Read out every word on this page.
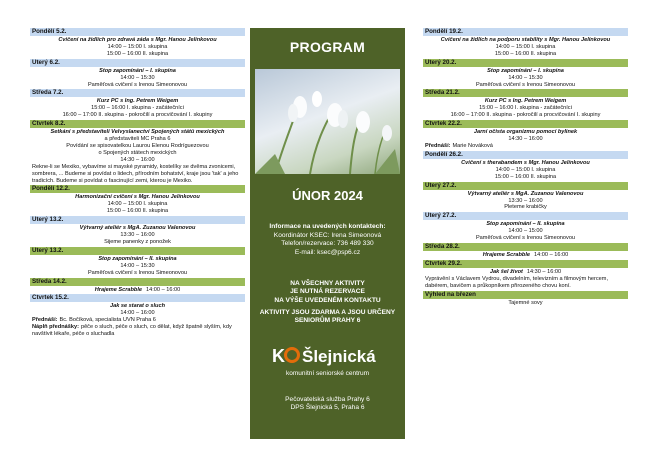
Pondělí 5.2.
Cvičení na židlích pro zdravá záda s Mgr. Hanou Jelínkovou
14:00 – 15:00 I. skupina
15:00 – 16:00 II. skupina
Úterý 6.2.
Stop zapomínání – I. skupina
14:00 – 15:30
Paměťová cvičení s Irenou Simeonovou
Středa 7.2.
Kurz PC s Ing. Petrem Weigem
15:00 – 16:00 I. skupina - začátečníci
16:00 – 17:00 II. skupina - pokročilí a procvičování I. skupiny
Čtvrtek 8.2.
Setkání s představiteli Velvyslanectví Spojených států mexických
a představiteli MČ Praha 6
Povídání se spisovatelkou Laurou Elenou Rodríguezovou
o Spojených státech mexických
14:30 – 16:00
Řekne-li se Mexiko, vybavíme si mayské pyramidy, kostelíky se dvěma zvonicemi, sombrera, ... Budeme si povídat o lidech, přírodním bohatství, kraje jsou 'tak' a jeho tradicích. Budeme si povídat o fascinující zemi, kterou je Mexiko.
Pondělí 12.2.
Harmonizační cvičení s Mgr. Hanou Jelínkovou
14:00 – 15:00 I. skupina
15:00 – 16:00 II. skupina
Úterý 13.2.
Výtvarný ateliér s MgA. Zuzanou Valenovou
13:30 – 16:00
Šijeme panenky z ponožek
Úterý 13.2.
Stop zapomínání – II. skupina
14:00 – 15:30
Paměťová cvičení s Irenou Simeonovou
Středa 14.2.
Hrajeme Scrabble 14:00 – 16:00
Čtvrtek 15.2.
Jak se starat o sluch
14:00 – 16:00
Přednáší: Bc. Bočíková, specialista ÚVN Praha 6
Náplň přednášky: pěče o sluch, péče o sluch, co dělat, když špatně slyším, kdy navštívit lékaře, péče o sluchadla
Pondělí 19.2.
Cvičení na židlích na podporu stability s Mgr. Hanou Jelínkovou
14:00 – 15:00 I. skupina
15:00 – 16:00 II. skupina
Úterý 20.2.
Stop zapomínání – I. skupina
14:00 – 15:30
Paměťová cvičení s Irenou Simeonovou
Středa 21.2.
Kurz PC s Ing. Petrem Weigem
15:00 – 16:00 I. skupina - začátečníci
16:00 – 17:00 II. skupina - pokročilí a procvičování I. skupiny
Čtvrtek 22.2.
Jarní očista organizmu pomocí bylinek
14:30 – 16:00
Přednáší: Marie Nováková
Pondělí 26.2.
Cvičení s therabandem s Mgr. Hanou Jelínkovou
14:00 – 15:00 I. skupina
15:00 – 16:00 II. skupina
Úterý 27.2.
Výtvarný ateliér s MgA. Zuzanou Valenovou
13:30 – 16:00
Pleteme krabičky
Úterý 27.2.
Stop zapomínání – II. skupina
14:00 – 15:00
Paměťová cvičení s Irenou Simeonovou
Středa 28.2.
Hrajeme Scrabble 14:00 – 16:00
Čtvrtek 29.2.
Jak šel život 14:30 – 16:00
Vyprávění s Václavem Vydrou, divadelním, televizním a filmovým hercem, dabérem, bavičem a průkopníkem přirozeného chovu koní.
Výhled na březen
Tajemné sovy
PROGRAM
ÚNOR 2024
Informace na uvedených kontaktech:
Koordinátor KSEC: Irena Simeonová
Telefon/rezervace: 736 489 330
E-mail: ksec@psp6.cz
NA VŠECHNY AKTIVITY
JE NUTNÁ REZERVACE
NA VÝŠE UVEDENÉM KONTAKTU
AKTIVITY JSOU ZDARMA A JSOU URČENY
SENIORŮM PRAHY 6
K Šlejnická
komunitní seniorské centrum
Pečovatelská služba Prahy 6
DPS Šlejnická 5, Praha 6
